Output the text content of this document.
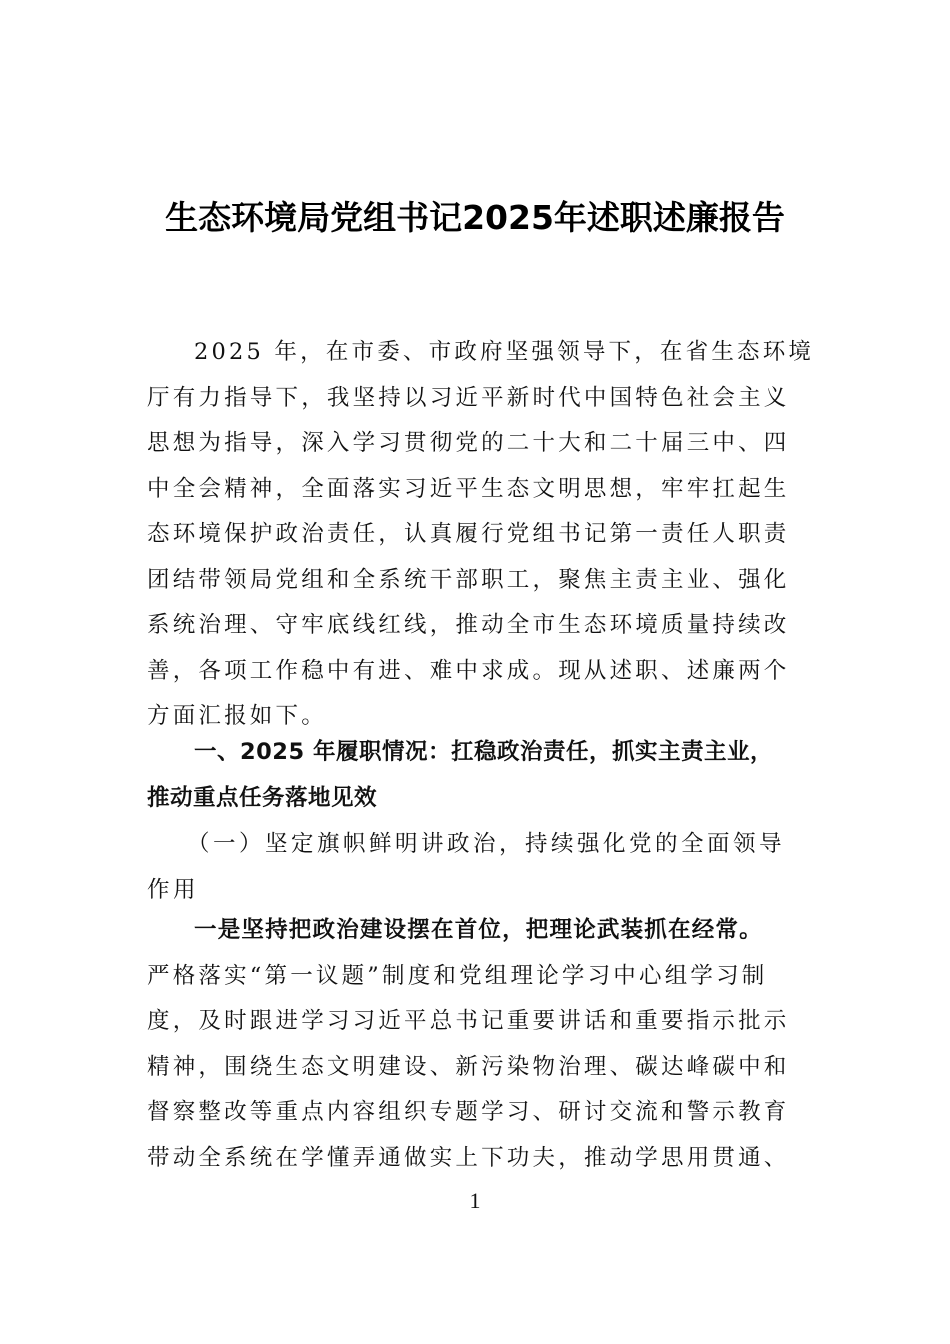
生态环境局党组书记2025年述职述廉报告
2025 年，在市委、市政府坚强领导下，在省生态环境
厅有力指导下，我坚持以习近平新时代中国特色社会主义
思想为指导，深入学习贯彻党的二十大和二十届三中、四
中全会精神，全面落实习近平生态文明思想，牢牢扛起生
态环境保护政治责任，认真履行党组书记第一责任人职责
团结带领局党组和全系统干部职工，聚焦主责主业、强化
系统治理、守牢底线红线，推动全市生态环境质量持续改
善，各项工作稳中有进、难中求成。现从述职、述廉两个
方面汇报如下。
一、2025 年履职情况：扛稳政治责任，抓实主责主业，
推动重点任务落地见效
（一）坚定旗帜鲜明讲政治，持续强化党的全面领导
作用
一是坚持把政治建设摆在首位，把理论武装抓在经常。
严格落实“第一议题”制度和党组理论学习中心组学习制
度，及时跟进学习习近平总书记重要讲话和重要指示批示
精神，围绕生态文明建设、新污染物治理、碳达峰碳中和
督察整改等重点内容组织专题学习、研讨交流和警示教育
带动全系统在学懂弄通做实上下功夫，推动学思用贯通、
1
